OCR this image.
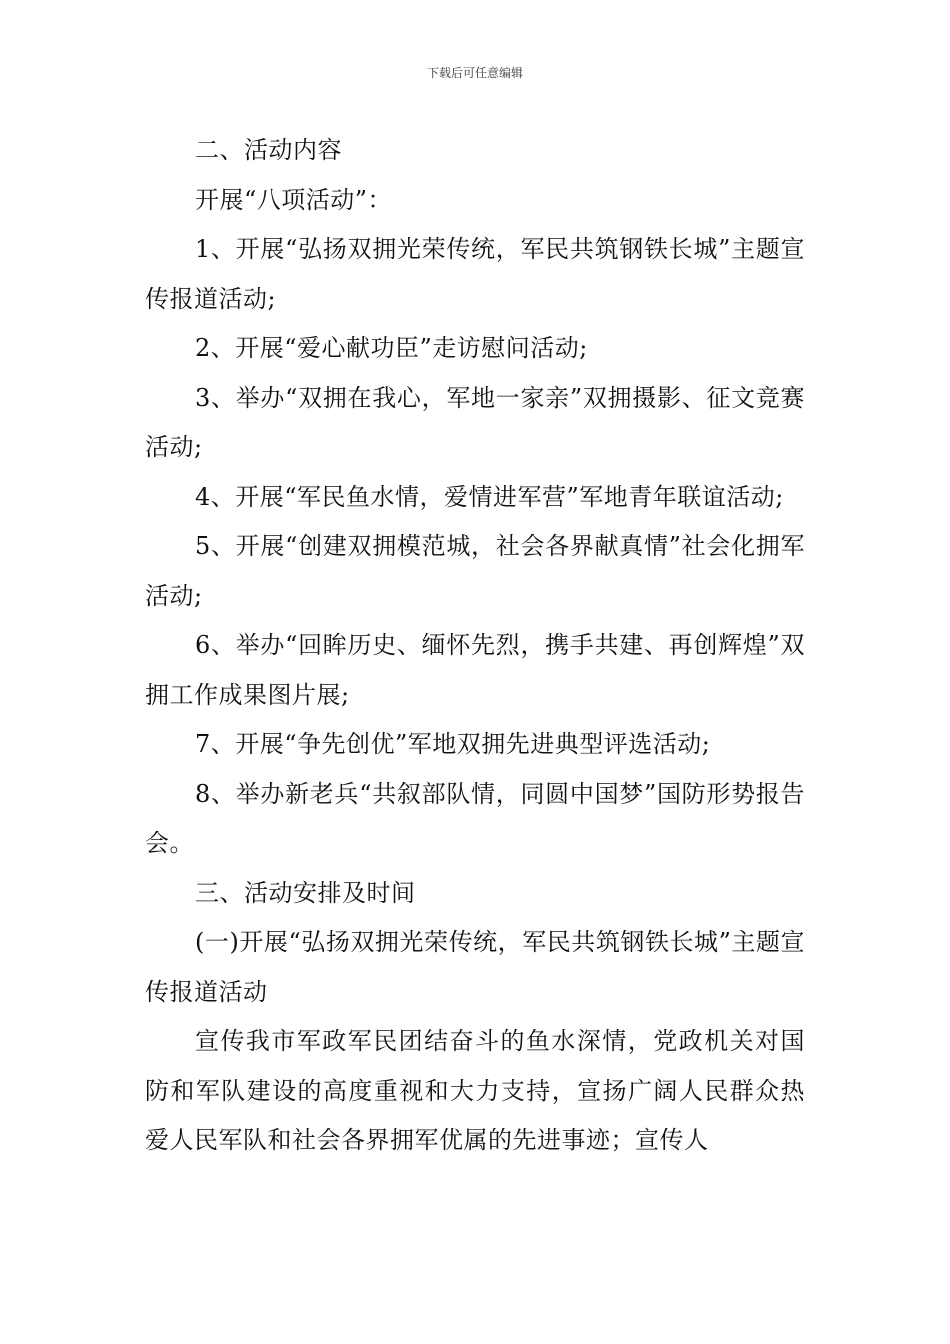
下载后可任意编辑

二、活动内容

开展“八项活动”：

1、开展“弘扬双拥光荣传统，军民共筑钢铁长城”主题宣传报道活动;

2、开展“爱心献功臣”走访慰问活动;

3、举办“双拥在我心，军地一家亲”双拥摄影、征文竞赛活动;

4、开展“军民鱼水情，爱情进军营”军地青年联谊活动;

5、开展“创建双拥模范城，社会各界献真情”社会化拥军活动;

6、举办“回眸历史、缅怀先烈，携手共建、再创辉煌”双拥工作成果图片展;

7、开展“争先创优”军地双拥先进典型评选活动;

8、举办新老兵“共叙部队情，同圆中国梦”国防形势报告会。

三、活动安排及时间

(一)开展“弘扬双拥光荣传统，军民共筑钢铁长城”主题宣传报道活动

宣传我市军政军民团结奋斗的鱼水深情，党政机关对国防和军队建设的高度重视和大力支持，宣扬广阔人民群众热爱人民军队和社会各界拥军优属的先进事迹；宣传人
